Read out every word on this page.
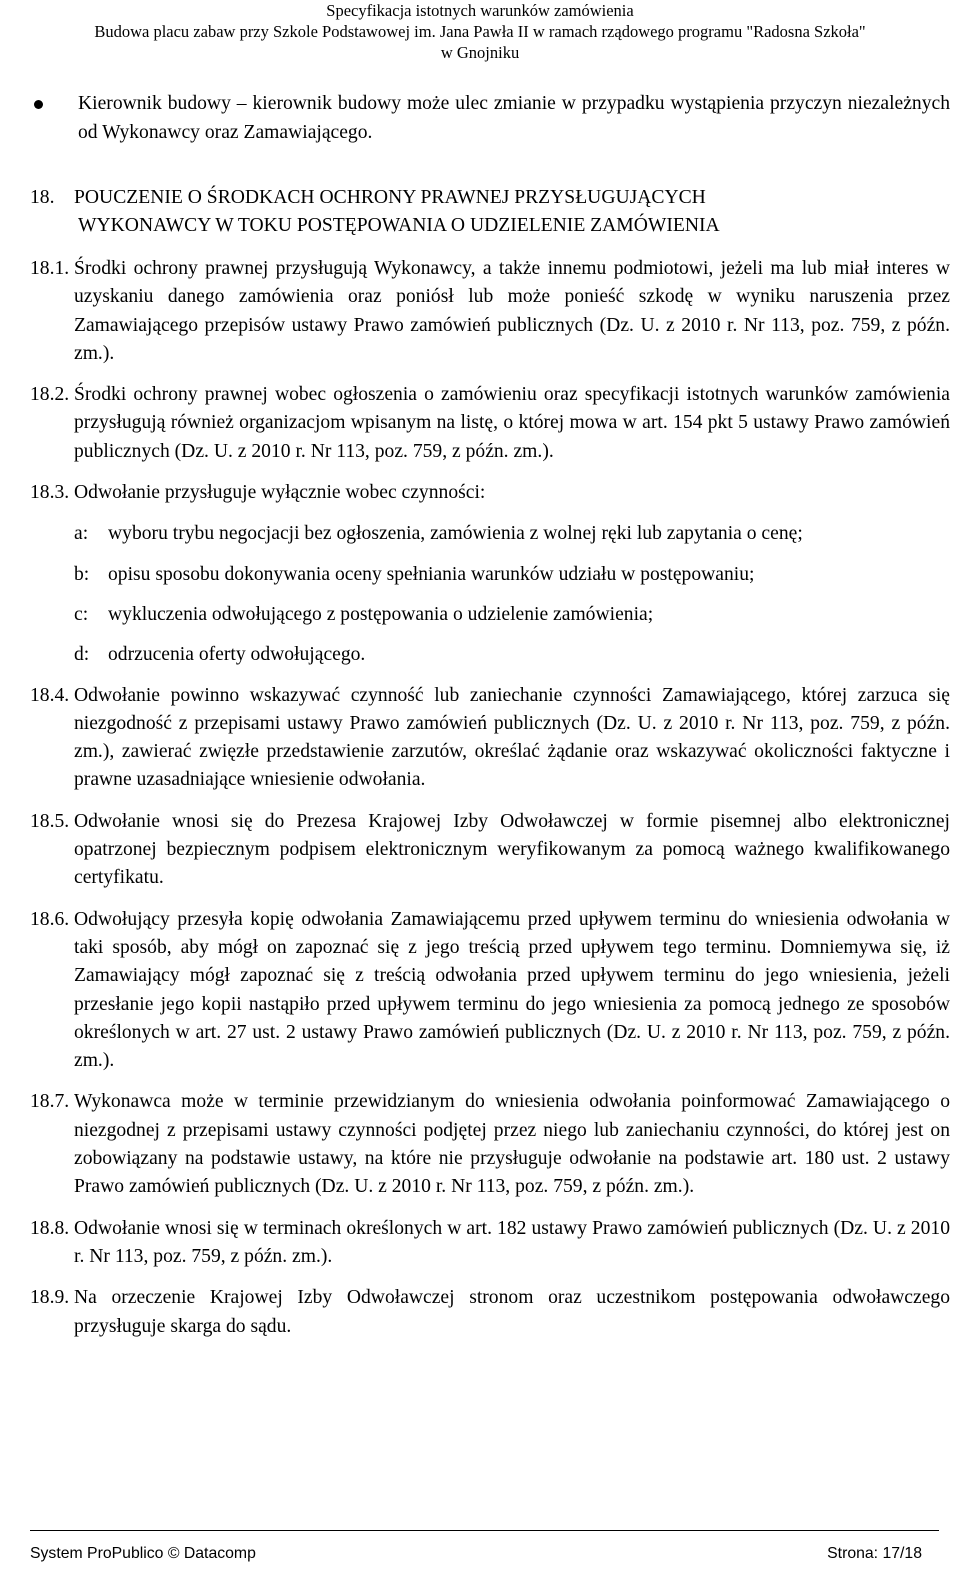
Specyfikacja istotnych warunków zamówienia
Budowa placu zabaw przy Szkole Podstawowej im. Jana Pawła II w ramach rządowego programu "Radosna Szkoła"
w Gnojniku
Kierownik budowy – kierownik budowy może ulec zmianie w przypadku wystąpienia przyczyn niezależnych od Wykonawcy oraz Zamawiającego.
18. POUCZENIE O ŚRODKACH OCHRONY PRAWNEJ PRZYSŁUGUJĄCYCH
WYKONAWCY W TOKU POSTĘPOWANIA O UDZIELENIE ZAMÓWIENIA
18.1. Środki ochrony prawnej przysługują Wykonawcy, a także innemu podmiotowi, jeżeli ma lub miał interes w uzyskaniu danego zamówienia oraz poniósł lub może ponieść szkodę w wyniku naruszenia przez Zamawiającego przepisów ustawy Prawo zamówień publicznych (Dz. U. z 2010 r. Nr 113, poz. 759, z późn. zm.).
18.2. Środki ochrony prawnej wobec ogłoszenia o zamówieniu oraz specyfikacji istotnych warunków zamówienia przysługują również organizacjom wpisanym na listę, o której mowa w art. 154 pkt 5 ustawy Prawo zamówień publicznych (Dz. U. z 2010 r. Nr 113, poz. 759, z późn. zm.).
18.3. Odwołanie przysługuje wyłącznie wobec czynności:
a:	wyboru trybu negocjacji bez ogłoszenia, zamówienia z wolnej ręki lub zapytania o cenę;
b: opisu sposobu dokonywania oceny spełniania warunków udziału w postępowaniu;
c:	wykluczenia odwołującego z postępowania o udzielenie zamówienia;
d: odrzucenia oferty odwołującego.
18.4. Odwołanie powinno wskazywać czynność lub zaniechanie czynności Zamawiającego, której zarzuca się niezgodność z przepisami ustawy Prawo zamówień publicznych (Dz. U. z 2010 r. Nr 113, poz. 759, z późn. zm.), zawierać zwięzłe przedstawienie zarzutów, określać żądanie oraz wskazywać okoliczności faktyczne i prawne uzasadniające wniesienie odwołania.
18.5. Odwołanie wnosi się do Prezesa Krajowej Izby Odwoławczej w formie pisemnej albo elektronicznej opatrzonej bezpiecznym podpisem elektronicznym weryfikowanym za pomocą ważnego kwalifikowanego certyfikatu.
18.6. Odwołujący przesyła kopię odwołania Zamawiającemu przed upływem terminu do wniesienia odwołania w taki sposób, aby mógł on zapoznać się z jego treścią przed upływem tego terminu. Domniemywa się, iż Zamawiający mógł zapoznać się z treścią odwołania przed upływem terminu do jego wniesienia, jeżeli przesłanie jego kopii nastąpiło przed upływem terminu do jego wniesienia za pomocą jednego ze sposobów określonych w art. 27 ust. 2 ustawy Prawo zamówień publicznych (Dz. U. z 2010 r. Nr 113, poz. 759, z późn. zm.).
18.7. Wykonawca może w terminie przewidzianym do wniesienia odwołania poinformować Zamawiającego o niezgodnej z przepisami ustawy czynności podjętej przez niego lub zaniechaniu czynności, do której jest on zobowiązany na podstawie ustawy, na które nie przysługuje odwołanie na podstawie art. 180 ust. 2 ustawy Prawo zamówień publicznych (Dz. U. z 2010 r. Nr 113, poz. 759, z późn. zm.).
18.8. Odwołanie wnosi się w terminach określonych w art. 182 ustawy Prawo zamówień publicznych (Dz. U. z 2010 r. Nr 113, poz. 759, z późn. zm.).
18.9. Na orzeczenie Krajowej Izby Odwoławczej stronom oraz uczestnikom postępowania odwoławczego przysługuje skarga do sądu.
System ProPublico © Datacomp	Strona: 17/18
